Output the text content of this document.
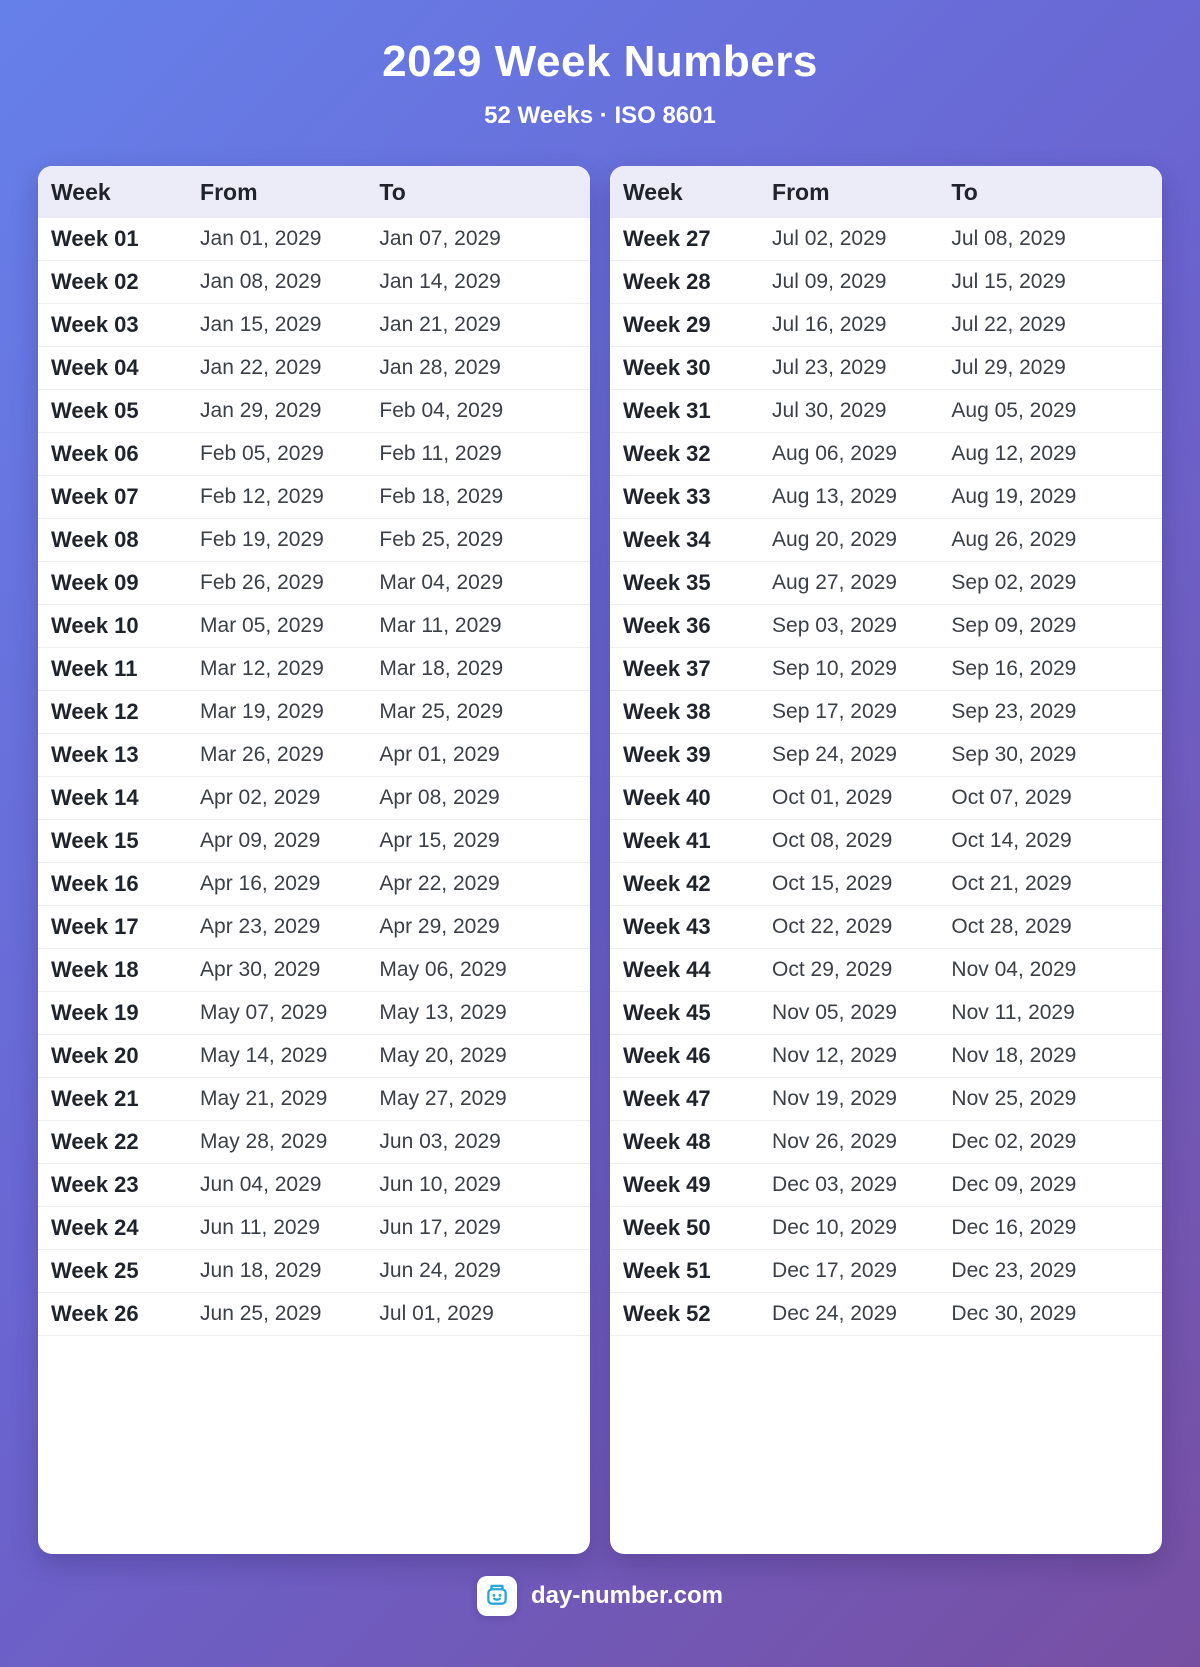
2029 Week Numbers

52 Weeks · ISO 8601

Week	From	To
Week 01	Jan 01, 2029	Jan 07, 2029
Week 02	Jan 08, 2029	Jan 14, 2029
Week 03	Jan 15, 2029	Jan 21, 2029
Week 04	Jan 22, 2029	Jan 28, 2029
Week 05	Jan 29, 2029	Feb 04, 2029
Week 06	Feb 05, 2029	Feb 11, 2029
Week 07	Feb 12, 2029	Feb 18, 2029
Week 08	Feb 19, 2029	Feb 25, 2029
Week 09	Feb 26, 2029	Mar 04, 2029
Week 10	Mar 05, 2029	Mar 11, 2029
Week 11	Mar 12, 2029	Mar 18, 2029
Week 12	Mar 19, 2029	Mar 25, 2029
Week 13	Mar 26, 2029	Apr 01, 2029
Week 14	Apr 02, 2029	Apr 08, 2029
Week 15	Apr 09, 2029	Apr 15, 2029
Week 16	Apr 16, 2029	Apr 22, 2029
Week 17	Apr 23, 2029	Apr 29, 2029
Week 18	Apr 30, 2029	May 06, 2029
Week 19	May 07, 2029	May 13, 2029
Week 20	May 14, 2029	May 20, 2029
Week 21	May 21, 2029	May 27, 2029
Week 22	May 28, 2029	Jun 03, 2029
Week 23	Jun 04, 2029	Jun 10, 2029
Week 24	Jun 11, 2029	Jun 17, 2029
Week 25	Jun 18, 2029	Jun 24, 2029
Week 26	Jun 25, 2029	Jul 01, 2029
Week	From	To
Week 27	Jul 02, 2029	Jul 08, 2029
Week 28	Jul 09, 2029	Jul 15, 2029
Week 29	Jul 16, 2029	Jul 22, 2029
Week 30	Jul 23, 2029	Jul 29, 2029
Week 31	Jul 30, 2029	Aug 05, 2029
Week 32	Aug 06, 2029	Aug 12, 2029
Week 33	Aug 13, 2029	Aug 19, 2029
Week 34	Aug 20, 2029	Aug 26, 2029
Week 35	Aug 27, 2029	Sep 02, 2029
Week 36	Sep 03, 2029	Sep 09, 2029
Week 37	Sep 10, 2029	Sep 16, 2029
Week 38	Sep 17, 2029	Sep 23, 2029
Week 39	Sep 24, 2029	Sep 30, 2029
Week 40	Oct 01, 2029	Oct 07, 2029
Week 41	Oct 08, 2029	Oct 14, 2029
Week 42	Oct 15, 2029	Oct 21, 2029
Week 43	Oct 22, 2029	Oct 28, 2029
Week 44	Oct 29, 2029	Nov 04, 2029
Week 45	Nov 05, 2029	Nov 11, 2029
Week 46	Nov 12, 2029	Nov 18, 2029
Week 47	Nov 19, 2029	Nov 25, 2029
Week 48	Nov 26, 2029	Dec 02, 2029
Week 49	Dec 03, 2029	Dec 09, 2029
Week 50	Dec 10, 2029	Dec 16, 2029
Week 51	Dec 17, 2029	Dec 23, 2029
Week 52	Dec 24, 2029	Dec 30, 2029
day-number.com
